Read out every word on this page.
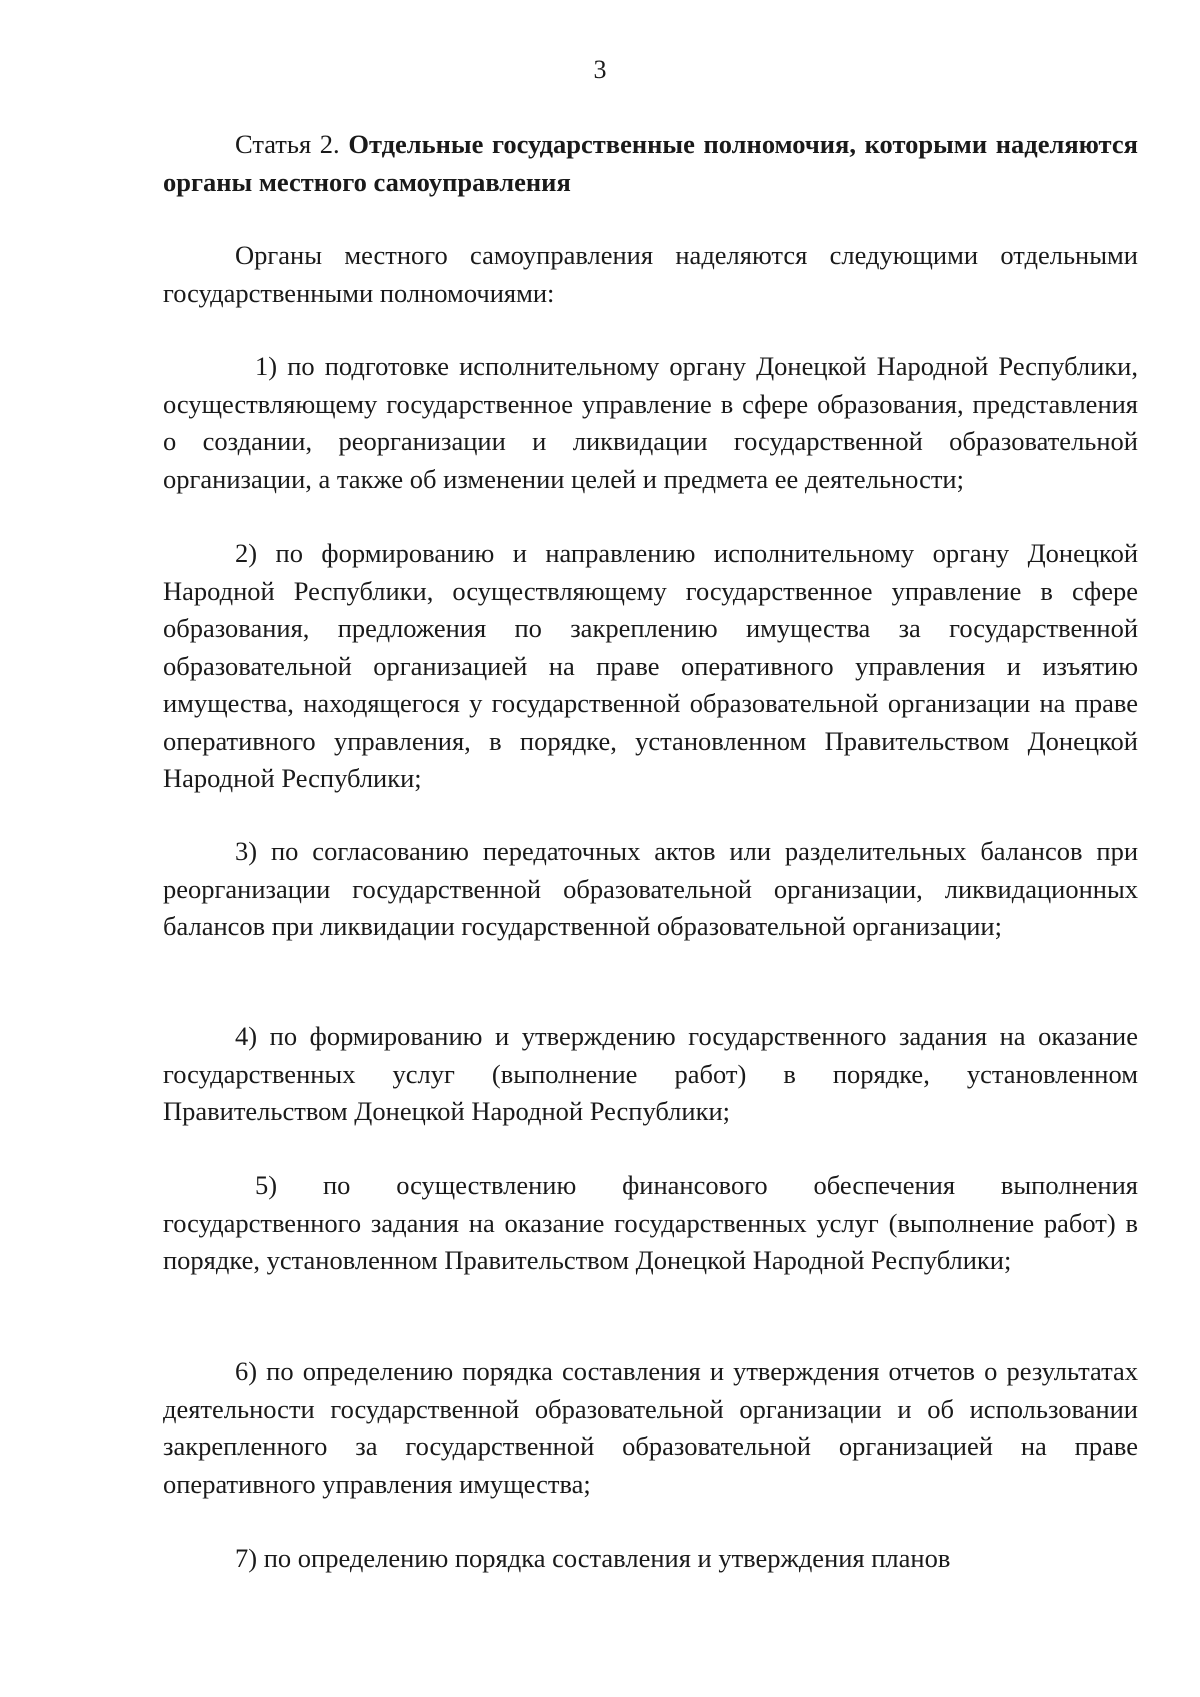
3

Статья 2. Отдельные государственные полномочия, которыми наделяются органы местного самоуправления

Органы местного самоуправления наделяются следующими отдельными государственными полномочиями:

1) по подготовке исполнительному органу Донецкой Народной Республики, осуществляющему государственное управление в сфере образования, представления о создании, реорганизации и ликвидации государственной образовательной организации, а также об изменении целей и предмета ее деятельности;

2) по формированию и направлению исполнительному органу Донецкой Народной Республики, осуществляющему государственное управление в сфере образования, предложения по закреплению имущества за государственной образовательной организацией на праве оперативного управления и изъятию имущества, находящегося у государственной образовательной организации на праве оперативного управления, в порядке, установленном Правительством Донецкой Народной Республики;

3) по согласованию передаточных актов или разделительных балансов при реорганизации государственной образовательной организации, ликвидационных балансов при ликвидации государственной образовательной организации;

4) по формированию и утверждению государственного задания на оказание государственных услуг (выполнение работ) в порядке, установленном Правительством Донецкой Народной Республики;

5) по осуществлению финансового обеспечения выполнения государственного задания на оказание государственных услуг (выполнение работ) в порядке, установленном Правительством Донецкой Народной Республики;

6) по определению порядка составления и утверждения отчетов о результатах деятельности государственной образовательной организации и об использовании закрепленного за государственной образовательной организацией на праве оперативного управления имущества;

7) по определению порядка составления и утверждения планов
